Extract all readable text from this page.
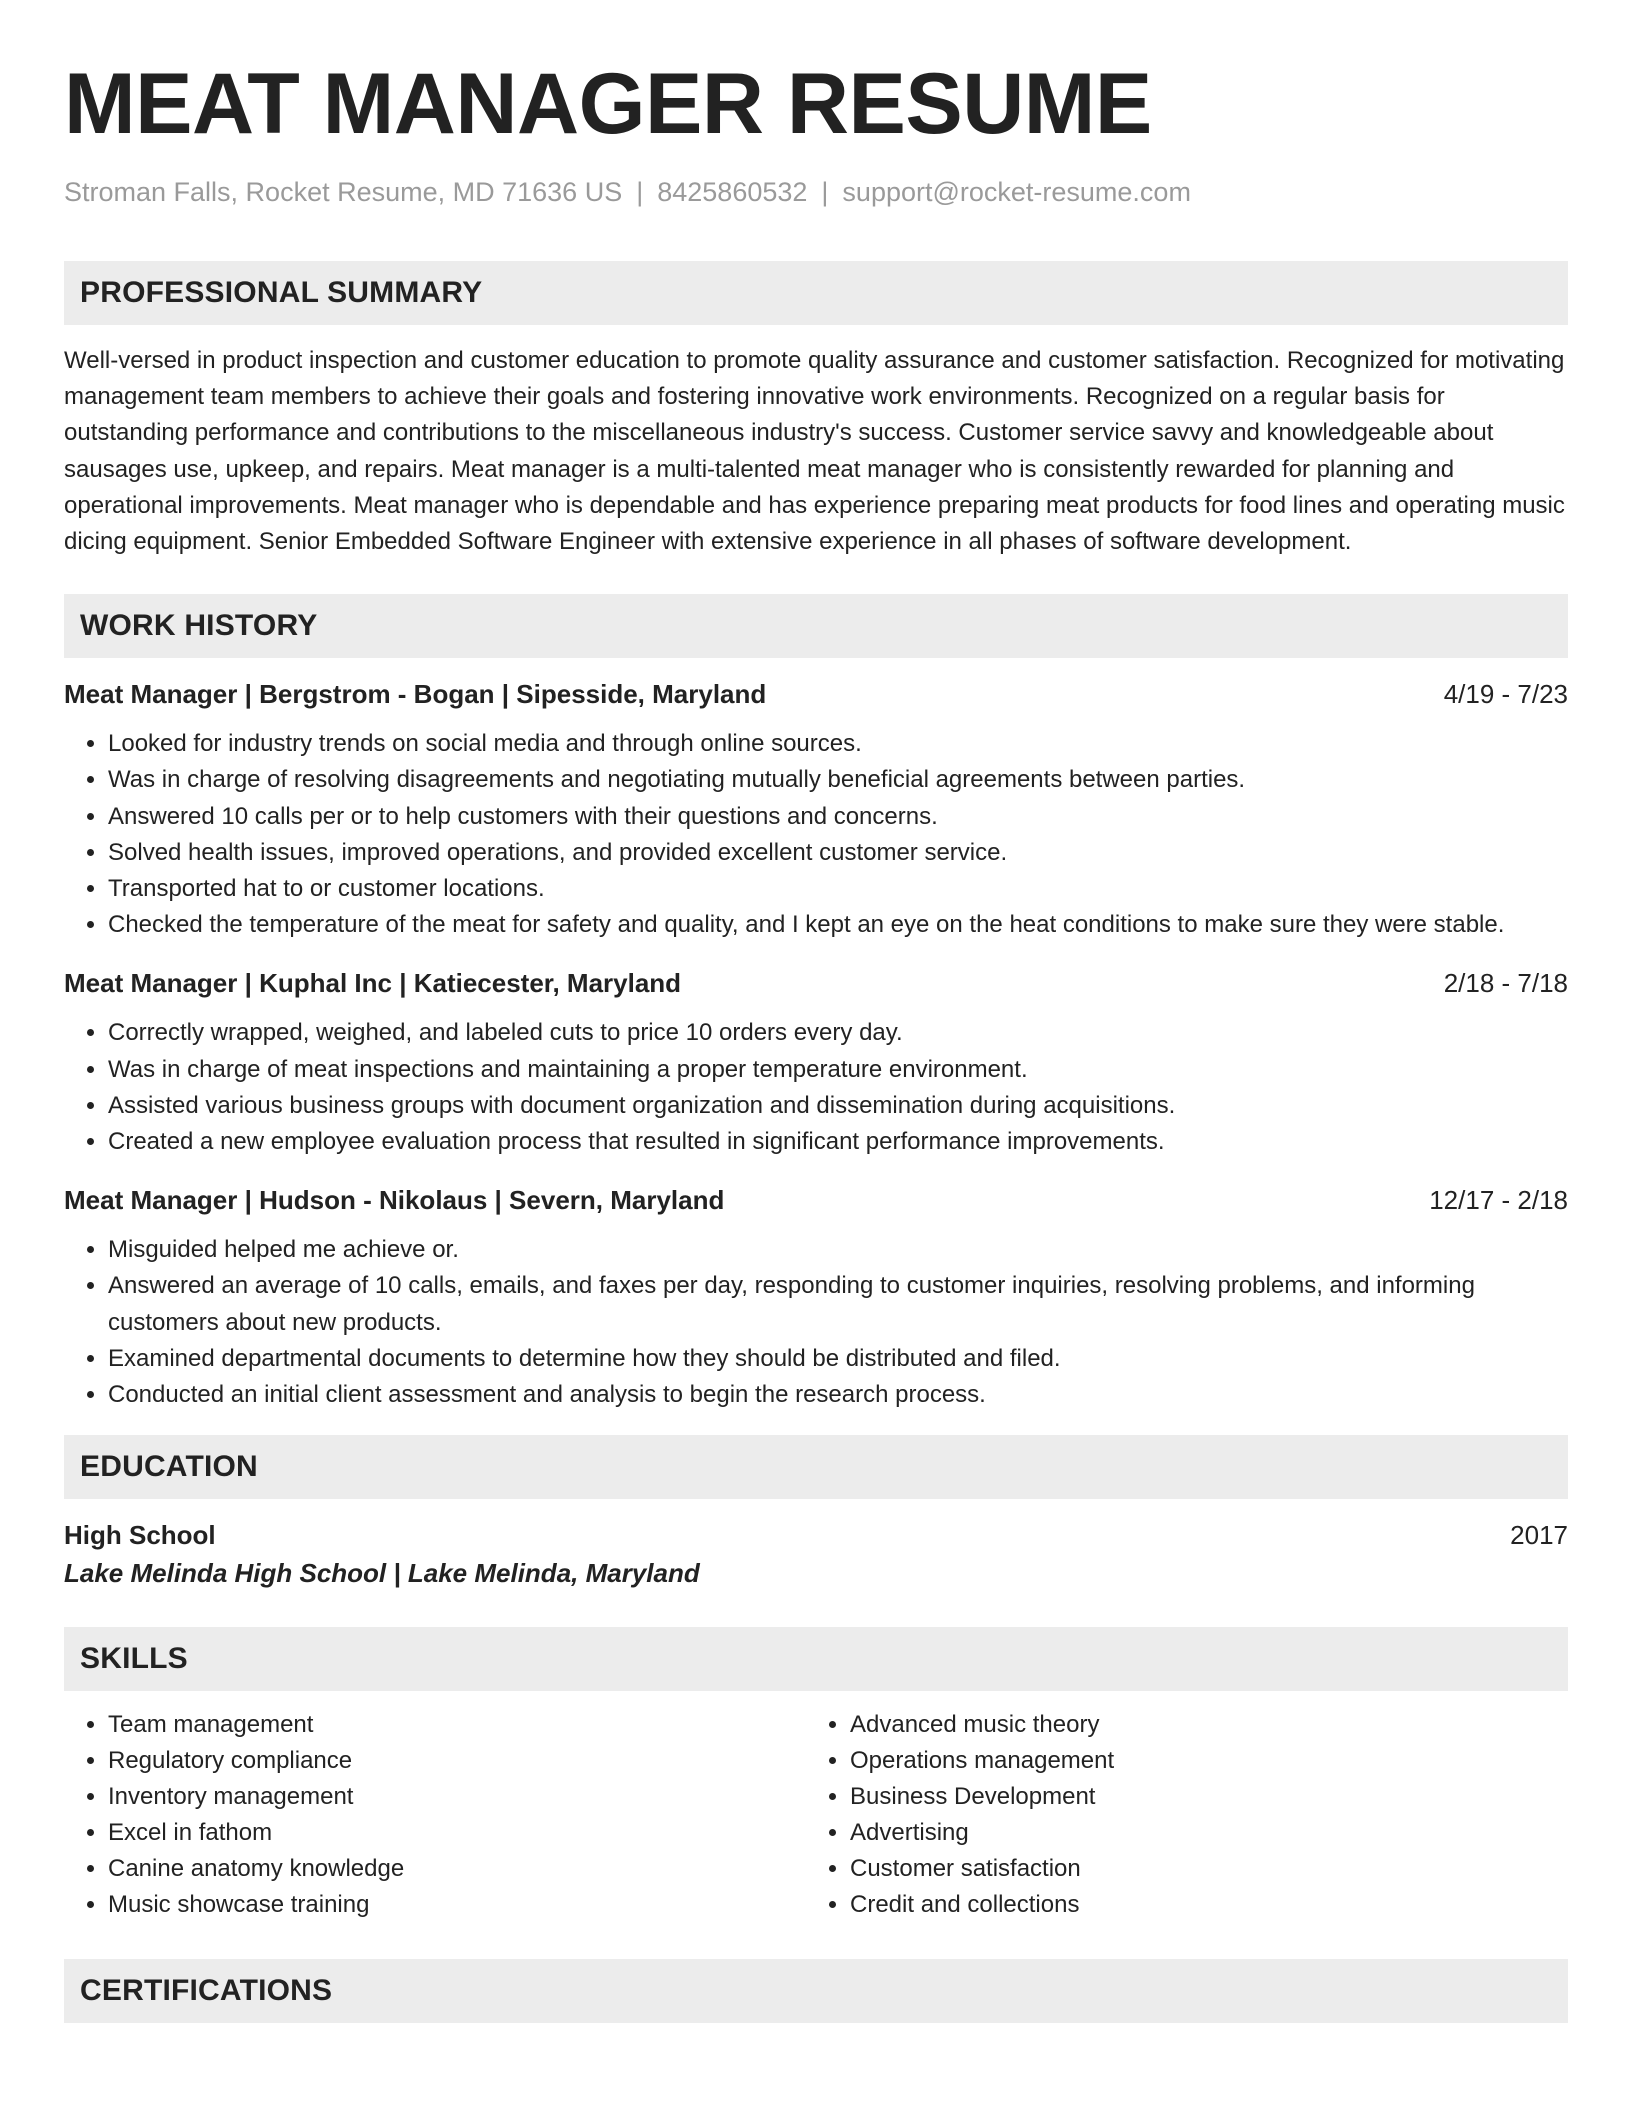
MEAT MANAGER RESUME
Stroman Falls, Rocket Resume, MD 71636 US | 8425860532 | support@rocket-resume.com
PROFESSIONAL SUMMARY

Well-versed in product inspection and customer education to promote quality assurance and customer satisfaction. Recognized for motivating management team members to achieve their goals and fostering innovative work environments. Recognized on a regular basis for outstanding performance and contributions to the miscellaneous industry's success. Customer service savvy and knowledgeable about sausages use, upkeep, and repairs. Meat manager is a multi-talented meat manager who is consistently rewarded for planning and operational improvements. Meat manager who is dependable and has experience preparing meat products for food lines and operating music dicing equipment. Senior Embedded Software Engineer with extensive experience in all phases of software development.

WORK HISTORY
Meat Manager | Bergstrom - Bogan | Sipesside, Maryland	4/19 - 7/23
• Looked for industry trends on social media and through online sources.
• Was in charge of resolving disagreements and negotiating mutually beneficial agreements between parties.
• Answered 10 calls per or to help customers with their questions and concerns.
• Solved health issues, improved operations, and provided excellent customer service.
• Transported hat to or customer locations.
• Checked the temperature of the meat for safety and quality, and I kept an eye on the heat conditions to make sure they were stable.
Meat Manager | Kuphal Inc | Katiecester, Maryland	2/18 - 7/18
• Correctly wrapped, weighed, and labeled cuts to price 10 orders every day.
• Was in charge of meat inspections and maintaining a proper temperature environment.
• Assisted various business groups with document organization and dissemination during acquisitions.
• Created a new employee evaluation process that resulted in significant performance improvements.
Meat Manager | Hudson - Nikolaus | Severn, Maryland	12/17 - 2/18
• Misguided helped me achieve or.
• Answered an average of 10 calls, emails, and faxes per day, responding to customer inquiries, resolving problems, and informing customers about new products.
• Examined departmental documents to determine how they should be distributed and filed.
• Conducted an initial client assessment and analysis to begin the research process.
EDUCATION
High School	2017
Lake Melinda High School | Lake Melinda, Maryland
SKILLS
• Team management
• Regulatory compliance
• Inventory management
• Excel in fathom
• Canine anatomy knowledge
• Music showcase training
• Advanced music theory
• Operations management
• Business Development
• Advertising
• Customer satisfaction
• Credit and collections
CERTIFICATIONS
